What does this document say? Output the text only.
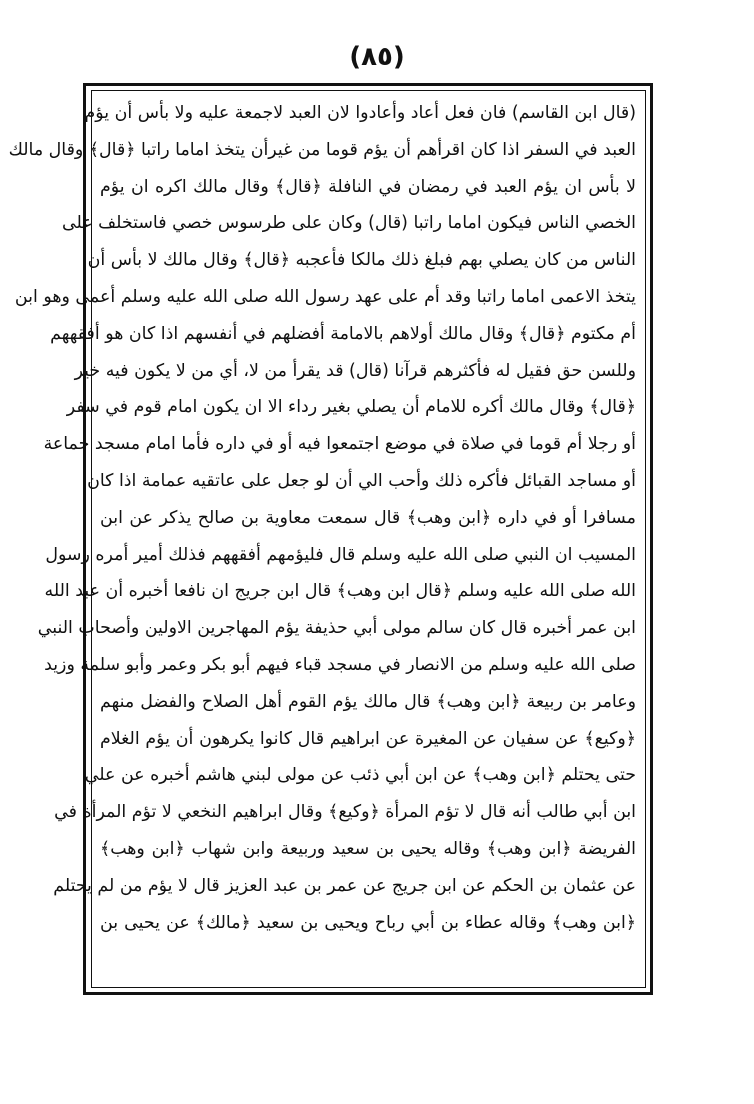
(٨٥)
(قال ابن القاسم) فان فعل أعاد وأعادوا لان العبد لاجمعة عليه ولا بأس أن يؤم
العبد في السفر اذا كان اقرأهم أن يؤم قوما من غيرأن يتخذ اماما راتبا ﴿قال﴾ وقال مالك
لا بأس ان يؤم العبد في رمضان في النافلة ﴿قال﴾ وقال مالك اكره ان يؤم
الخصي الناس فيكون اماما راتبا (قال) وكان على طرسوس خصي فاستخلف على
الناس من كان يصلي بهم فبلغ ذلك مالكا فأعجبه ﴿قال﴾ وقال مالك لا بأس أن
يتخذ الاعمى اماما راتبا وقد أم على عهد رسول الله صلى الله عليه وسلم أعمى وهو ابن
أم مكتوم ﴿قال﴾ وقال مالك أولاهم بالامامة أفضلهم في أنفسهم اذا كان هو أفقههم
وللسن حق فقيل له فأكثرهم قرآنا (قال) قد يقرأ من لا، أي من لا يكون فيه خير
﴿قال﴾ وقال مالك أكره للامام أن يصلي بغير رداء الا ان يكون امام قوم في سفر
أو رجلا أم قوما في صلاة في موضع اجتمعوا فيه أو في داره فأما امام مسجد جماعة
أو مساجد القبائل فأكره ذلك وأحب الي أن لو جعل على عاتقيه عمامة اذا كان
مسافرا أو في داره ﴿ابن وهب﴾ قال سمعت معاوية بن صالح يذكر عن ابن
المسيب ان النبي صلى الله عليه وسلم قال فليؤمهم أفقههم فذلك أمير أمره رسول
الله صلى الله عليه وسلم ﴿قال ابن وهب﴾ قال ابن جريج ان نافعا أخبره أن عبد الله
ابن عمر أخبره قال كان سالم مولى أبي حذيفة يؤم المهاجرين الاولين وأصحاب النبي
صلى الله عليه وسلم من الانصار في مسجد قباء فيهم أبو بكر وعمر وأبو سلمة وزيد
وعامر بن ربيعة ﴿ابن وهب﴾ قال مالك يؤم القوم أهل الصلاح والفضل منهم
﴿وكيع﴾ عن سفيان عن المغيرة عن ابراهيم قال كانوا يكرهون أن يؤم الغلام
حتى يحتلم ﴿ابن وهب﴾ عن ابن أبي ذئب عن مولى لبني هاشم أخبره عن علي
ابن أبي طالب أنه قال لا تؤم المرأة ﴿وكيع﴾ وقال ابراهيم النخعي لا تؤم المرأة في
الفريضة ﴿ابن وهب﴾ وقاله يحيى بن سعيد وربيعة وابن شهاب ﴿ابن وهب﴾
عن عثمان بن الحكم عن ابن جريج عن عمر بن عبد العزيز قال لا يؤم من لم يحتلم
﴿ابن وهب﴾ وقاله عطاء بن أبي رباح ويحيى بن سعيد ﴿مالك﴾ عن يحيى بن
